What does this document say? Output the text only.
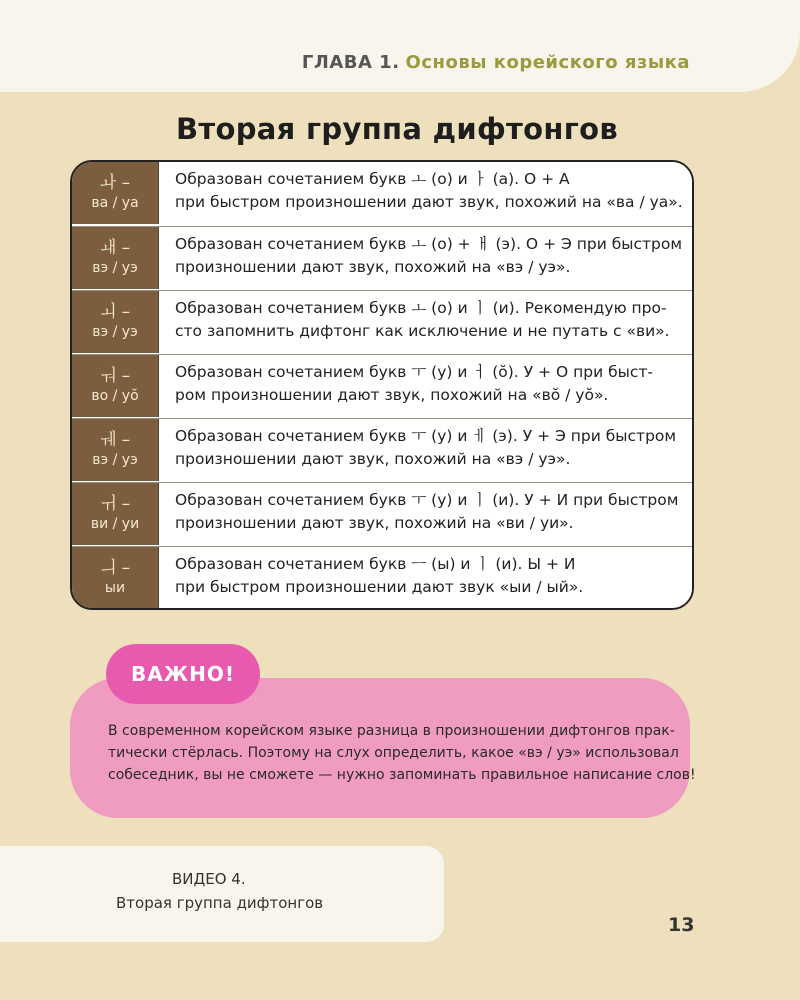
ГЛАВА 1. Основы корейского языка
Вторая группа дифтонгов
ㅘ –
ва / уа
Образован сочетанием букв ㅗ (о) и ㅏ (а). О + А
при быстром произношении дают звук, похожий на «ва / уа».
ㅙ –
вэ / уэ
Образован сочетанием букв ㅗ (о) + ㅐ (э). О + Э при быстром
произношении дают звук, похожий на «вэ / уэ».
ㅚ –
вэ / уэ
Образован сочетанием букв ㅗ (о) и ㅣ (и). Рекомендую про-
сто запомнить дифтонг как исключение и не путать с «ви».
ㅝ –
во / уŏ
Образован сочетанием букв ㅜ (у) и ㅓ (ŏ). У + О при быст-
ром произношении дают звук, похожий на «вŏ / уŏ».
ㅞ –
вэ / уэ
Образован сочетанием букв ㅜ (у) и ㅔ (э). У + Э при быстром
произношении дают звук, похожий на «вэ / уэ».
ㅟ –
ви / уи
Образован сочетанием букв ㅜ (у) и ㅣ (и). У + И при быстром
произношении дают звук, похожий на «ви / уи».
ㅢ –
ыи
Образован сочетанием букв ㅡ (ы) и ㅣ (и). Ы + И
при быстром произношении дают звук «ыи / ый».
В современном корейском языке разница в произношении дифтонгов прак-
тически стёрлась. Поэтому на слух определить, какое «вэ / уэ» использовал
собеседник, вы не сможете — нужно запоминать правильное написание слов!
ВАЖНО!
ВИДЕО 4.
Вторая группа дифтонгов
13
